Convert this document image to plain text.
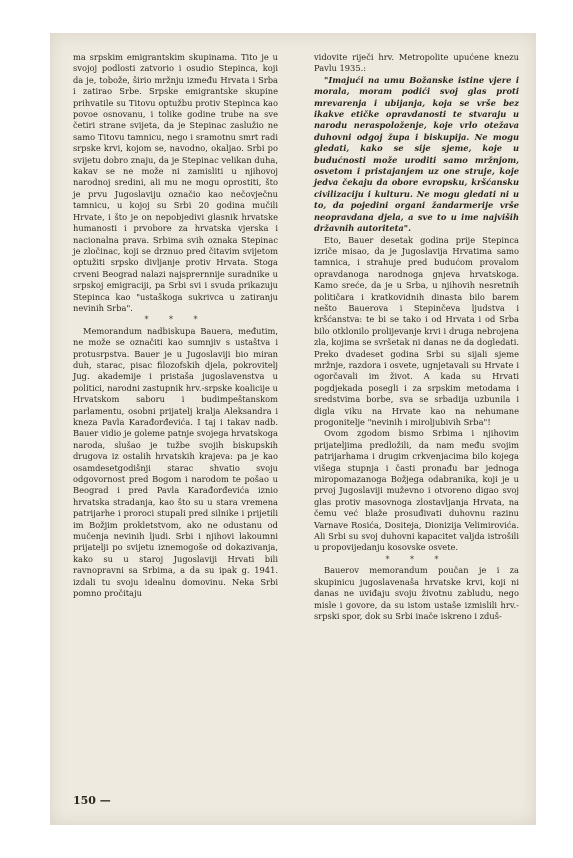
ma srpskim emigrantskim skupinama. Tito je u svojoj podlosti zatvorio i osudio Stepinca, koji da je, tobože, širio mržnju između Hrvata i Srba i zatirao Srbe. Srpske emigrantske skupine prihvatile su Titovu optužbu protiv Stepinca kao povoe osnovanu, i tolike godine trube na sve četiri strane svijeta, da je Stepinac zaslužio ne samo Titovu tamnicu, nego i sramotnu smrt radi srpske krvi, kojom se, navodno, okaljao. Srbi po svijetu dobro znaju, da je Stepinac velikan duha, kakav se ne može ni zamisliti u njihovoj narodnoj sredini, ali mu ne mogu oprostiti, što je prvu Jugoslaviju označio kao nečovječnu tamnicu, u kojoj su Srbi 20 godina mučili Hrvate, i što je on nepobjedivi glasnik hrvatske humanosti i prvobore za hrvatska vjerska i nacionalna prava. Srbima svih oznaka Stepinac je zločinac, koji se drznuo pred čitavim svijetom optužiti srpsko divljanje protiv Hrvata. Stoga crveni Beograd nalazi najsprernnije suradnike u srpskoj emigraciji, pa Srbi svi i svuda prikazuju Stepinca kao "ustaškoga sukrivca u zatiranju nevinih Srba".

* * *

Memorandum nadbiskupa Bauera, međutim, ne može se označiti kao sumnjiv s ustaštva i protusrpstva. Bauer je u Jugoslaviji bio miran duh, starac, pisac filozofskih djela, pokrovitelj Jug. akademije i pristaša jugoslavenstva u politici, narodni zastupnik hrv.-srpske koalicije u Hrvatskom saboru i budimpeštanskom parlamentu, osobni prijatelj kralja Aleksandra i kneza Pavla Karađorđevića. I taj i takav nadb. Bauer vidio je goleme patnje svojega hrvatskoga naroda, slušao je tužbe svojih biskupskih drugova iz ostalih hrvatskih krajeva: pa je kao osamdesetgodišnji starac shvatio svoju odgovornost pred Bogom i narodom te pošao u Beograd i pred Pavla Karađorđevića iznio hrvatska stradanja, kao što su u stara vremena patrijarhe i proroci stupali pred silnike i prijetili im Božjim prokletstvom, ako ne odustanu od mučenja nevinih ljudi. Srbi i njihovi lakoumni prijatelji po svijetu iznemogoše od dokazivanja, kako su u staroj Jugoslaviji Hrvati bili ravnopravni sa Srbima, a da su ipak g. 1941. izdali tu svoju idealnu domovinu. Neka Srbi pomno pročitaju

vidovite riječi hrv. Metropolite upućene knezu Pavlu 1935.:

"Imajući na umu Božanske istine vjere i morala, moram podići svoj glas proti mrevarenja i ubijanja, koja se vrše bez ikakve etičke opravdanosti te stvaraju u narodu neraspoloženje, koje vrlo otežava duhovni odgoj župa i biskupija. Ne mogu gledati, kako se sije sjeme, koje u budućnosti može uroditi samo mržnjom, osvetom i pristajanjem uz one struje, koje jedva čekaju da obore evropsku, kršćansku civilizaciju i kulturu. Ne mogu gledati ni u to, da pojedini organi žandarmerije vrše neopravdana djela, a sve to u ime najviših državnih autoriteta".

Eto, Bauer desetak godina prije Stepinca izriče misao, da je Jugoslavija Hrvatima samo tamnica, i strahuje pred budućom provalom opravdanoga narodnoga gnjeva hrvatskoga. Kamo sreće, da je u Srba, u njihovih nesretnih političara i kratkovidnih dinasta bilo barem nešto Bauerova i Stepinčeva ljudstva i kršćanstva: te bi se tako i od Hrvata i od Srba bilo otklonilo prolijevanje krvi i druga nebrojena zla, kojima se svršetak ni danas ne da dogledati. Preko dvadeset godina Srbi su sijali sjeme mržnje, razdora i osvete, ugnjetavali su Hrvate i ogorčavali im život. A kada su Hrvati pogdjekada posegli i za srpskim metodama i sredstvima borbe, sva se srbadija uzbunila i digla viku na Hrvate kao na nehumane progonitelje "nevinih i miroljubivih Srba"!

Ovom zgodom bismo Srbima i njihovim prijateljima predložili, da nam među svojim patrijarhama i drugim crkvenjacima bilo kojega višega stupnja i časti pronađu bar jednoga miropomazanoga Božjega odabranika, koji je u prvoj Jugoslaviji muževno i otvoreno digao svoj glas protiv masovnoga zlostavljanja Hrvata, na čemu već blaže prosuđivati duhovnu razinu Varnave Rosića, Dositeja, Dionizija Velimirovića. Ali Srbi su svoj duhovni kapacitet valjda istrošili u propovijedanju kosovske osvete.

* * *

Bauerov memorandum poučan je i za skupinicu jugoslavenaša hrvatske krvi, koji ni danas ne uviđaju svoju životnu zabludu, nego misle i govore, da su istom ustaše izmislili hrv.-srpski spor, dok su Srbi inače iskreno i zduš-

150 —
